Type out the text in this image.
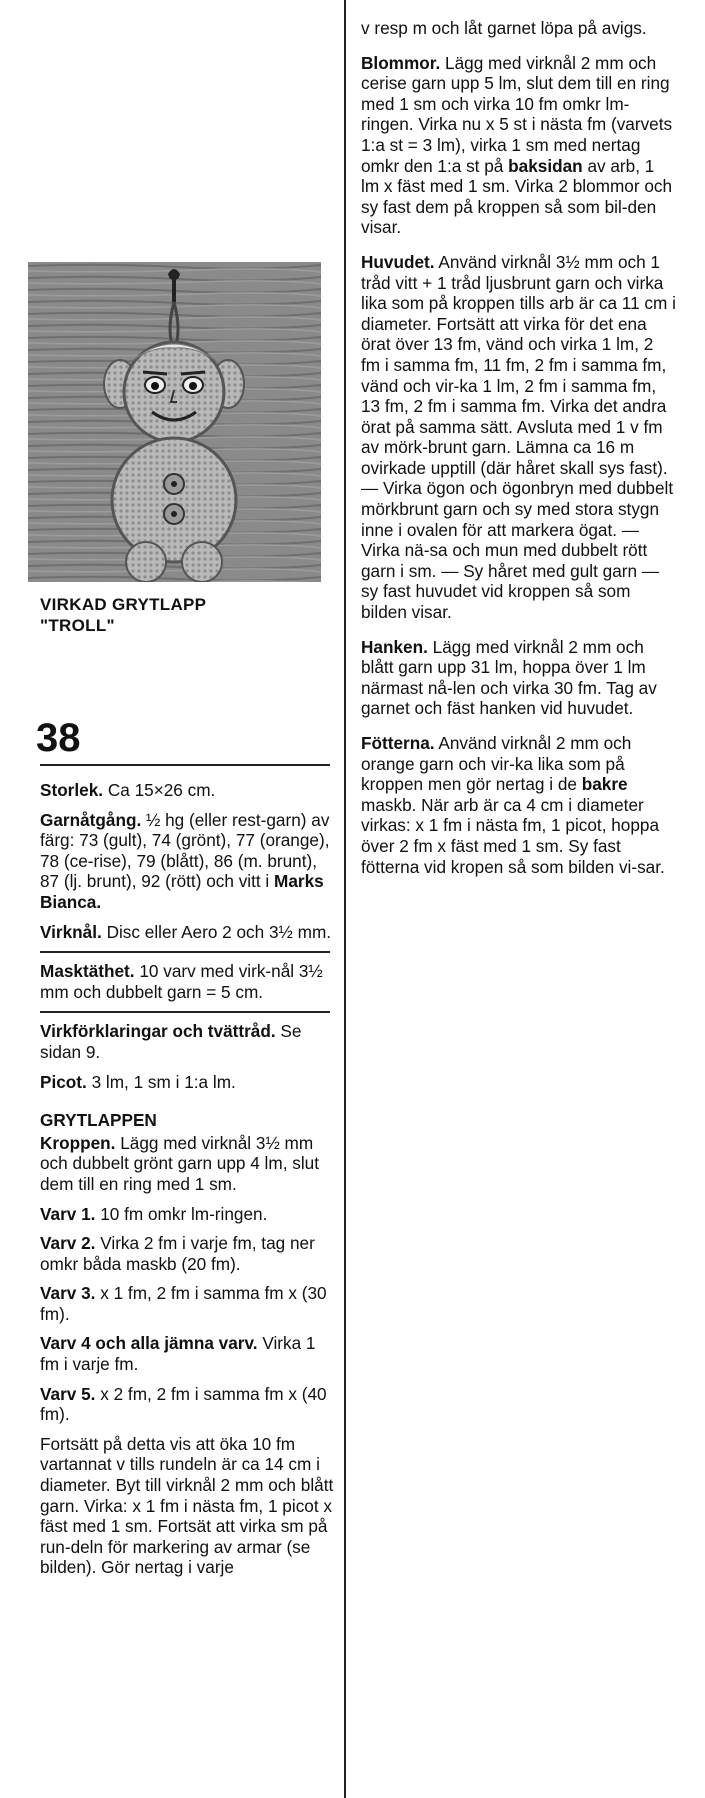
VIRKAD GRYTLAPP
"TROLL"
38

Storlek. Ca 15×26 cm.

Garnåtgång. ½ hg (eller rest-garn) av färg: 73 (gult), 74 (grönt), 77 (orange), 78 (ce-rise), 79 (blått), 86 (m. brunt), 87 (lj. brunt), 92 (rött) och vitt i Marks Bianca.

Virknål. Disc eller Aero 2 och 3½ mm.

Masktäthet. 10 varv med virk-nål 3½ mm och dubbelt garn = 5 cm.

Virkförklaringar och tvättråd. Se sidan 9.

Picot. 3 lm, 1 sm i 1:a lm.

GRYTLAPPEN

Kroppen. Lägg med virknål 3½ mm och dubbelt grönt garn upp 4 lm, slut dem till en ring med 1 sm.

Varv 1. 10 fm omkr lm-ringen.

Varv 2. Virka 2 fm i varje fm, tag ner omkr båda maskb (20 fm).

Varv 3. x 1 fm, 2 fm i samma fm x (30 fm).

Varv 4 och alla jämna varv. Virka 1 fm i varje fm.

Varv 5. x 2 fm, 2 fm i samma fm x (40 fm).

Fortsätt på detta vis att öka 10 fm vartannat v tills rundeln är ca 14 cm i diameter. Byt till virknål 2 mm och blått garn. Virka: x 1 fm i nästa fm, 1 picot x fäst med 1 sm. Fortsät att virka sm på run-deln för markering av armar (se bilden). Gör nertag i varje

v resp m och låt garnet löpa på avigs.

Blommor. Lägg med virknål 2 mm och cerise garn upp 5 lm, slut dem till en ring med 1 sm och virka 10 fm omkr lm-ringen. Virka nu x 5 st i nästa fm (varvets 1:a st = 3 lm), virka 1 sm med nertag omkr den 1:a st på baksidan av arb, 1 lm x fäst med 1 sm. Virka 2 blommor och sy fast dem på kroppen så som bil-den visar.

Huvudet. Använd virknål 3½ mm och 1 tråd vitt + 1 tråd ljusbrunt garn och virka lika som på kroppen tills arb är ca 11 cm i diameter. Fortsätt att virka för det ena örat över 13 fm, vänd och virka 1 lm, 2 fm i samma fm, 11 fm, 2 fm i samma fm, vänd och vir-ka 1 lm, 2 fm i samma fm, 13 fm, 2 fm i samma fm. Virka det andra örat på samma sätt. Avsluta med 1 v fm av mörk-brunt garn. Lämna ca 16 m ovirkade upptill (där håret skall sys fast). — Virka ögon och ögonbryn med dubbelt mörkbrunt garn och sy med stora stygn inne i ovalen för att markera ögat. — Virka nä-sa och mun med dubbelt rött garn i sm. — Sy håret med gult garn — sy fast huvudet vid kroppen så som bilden visar.

Hanken. Lägg med virknål 2 mm och blått garn upp 31 lm, hoppa över 1 lm närmast nå-len och virka 30 fm. Tag av garnet och fäst hanken vid huvudet.

Fötterna. Använd virknål 2 mm och orange garn och vir-ka lika som på kroppen men gör nertag i de bakre maskb. När arb är ca 4 cm i diameter virkas: x 1 fm i nästa fm, 1 picot, hoppa över 2 fm x fäst med 1 sm. Sy fast fötterna vid kropen så som bilden vi-sar.
